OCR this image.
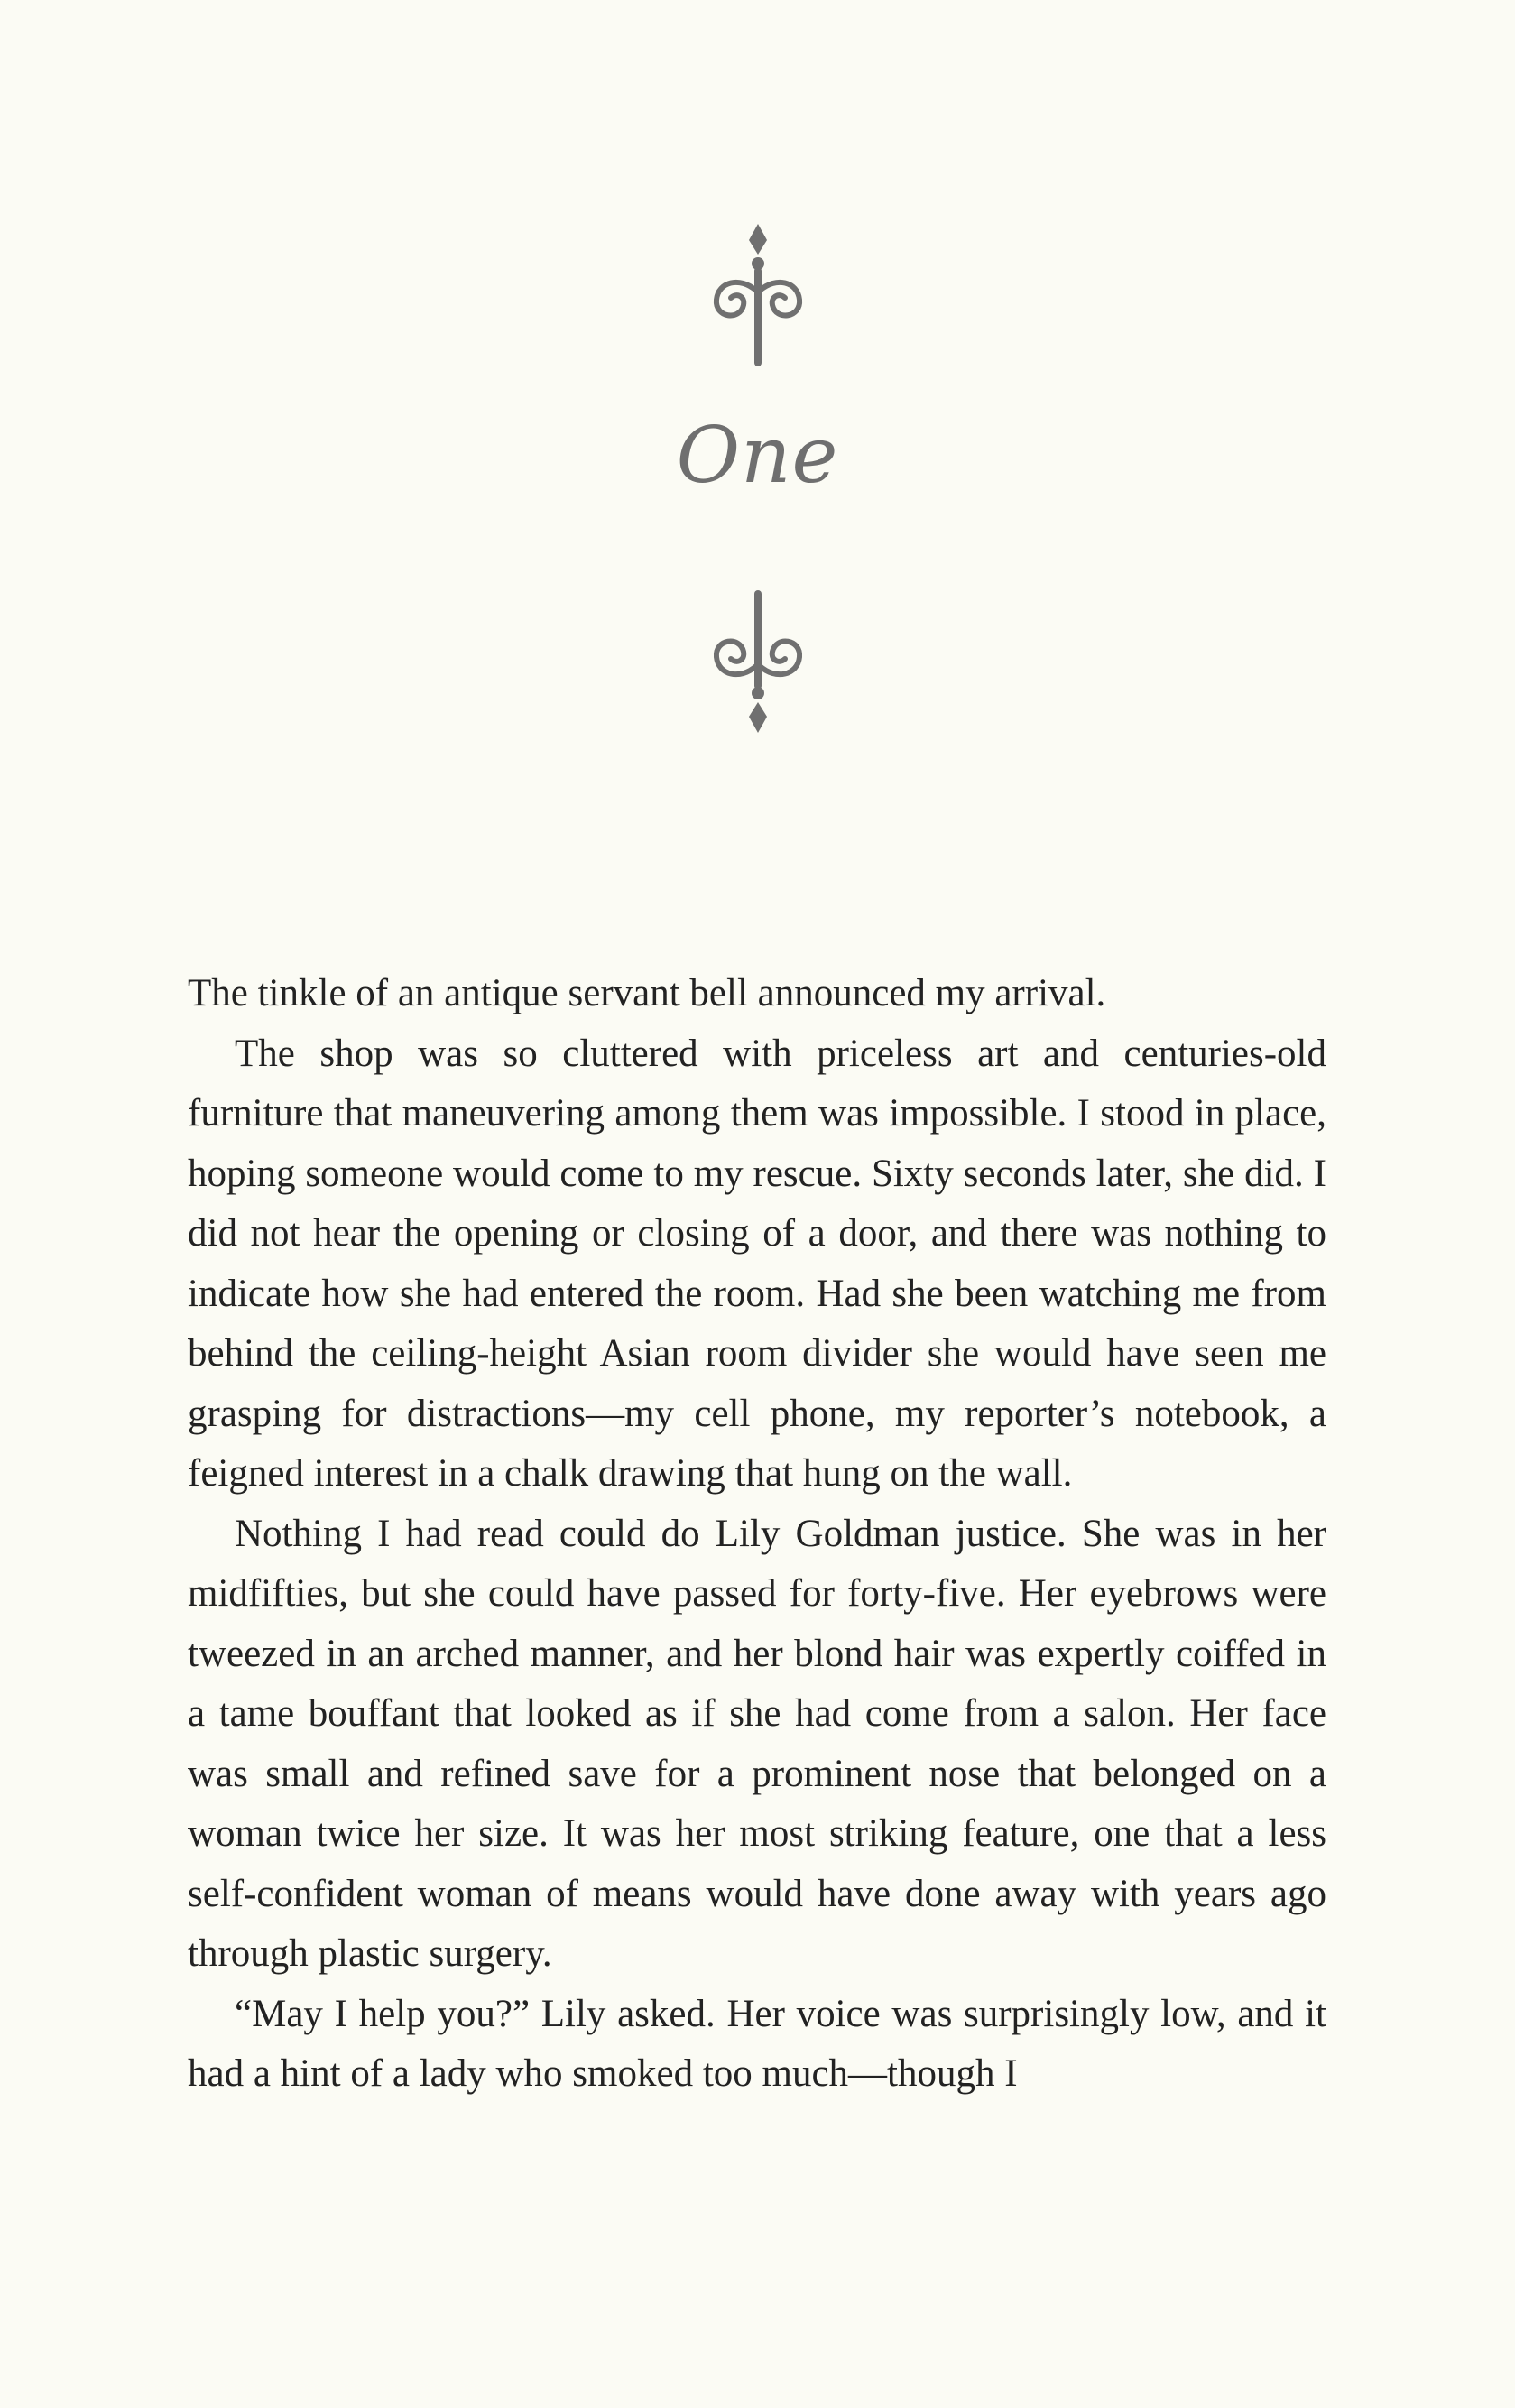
One

The tinkle of an antique servant bell announced my arrival.

The shop was so cluttered with priceless art and centuries-old furniture that maneuvering among them was impossible. I stood in place, hoping someone would come to my rescue. Sixty seconds later, she did. I did not hear the opening or closing of a door, and there was nothing to indicate how she had entered the room. Had she been watching me from behind the ceiling-height Asian room divider she would have seen me grasping for distractions—my cell phone, my reporter’s notebook, a feigned interest in a chalk drawing that hung on the wall.

Nothing I had read could do Lily Goldman justice. She was in her midfifties, but she could have passed for forty-five. Her eyebrows were tweezed in an arched manner, and her blond hair was expertly coiffed in a tame bouffant that looked as if she had come from a salon. Her face was small and refined save for a prominent nose that belonged on a woman twice her size. It was her most striking feature, one that a less self-confident woman of means would have done away with years ago through plastic surgery.

“May I help you?” Lily asked. Her voice was surprisingly low, and it had a hint of a lady who smoked too much—though I
